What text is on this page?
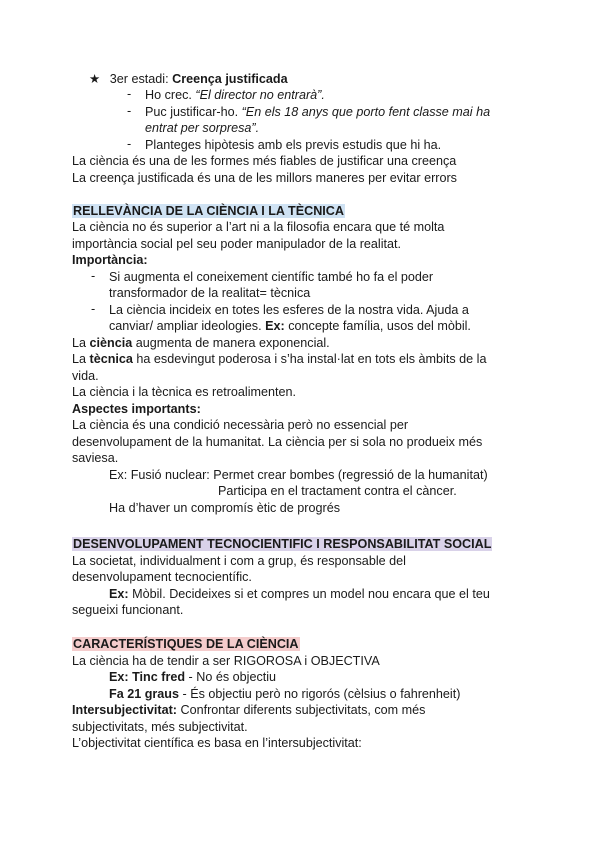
★ 3er estadi: Creença justificada
- Ho crec. “El director no entrarà”.
- Puc justificar-ho. “En els 18 anys que porto fent classe mai ha
entrat per sorpresa”.
- Planteges hipòtesis amb els previs estudis que hi ha.
La ciència és una de les formes més fiables de justificar una creença
La creença justificada és una de les millors maneres per evitar errors
RELLEVÀNCIA DE LA CIÈNCIA I LA TÈCNICA
La ciència no és superior a l’art ni a la filosofia encara que té molta
importància social pel seu poder manipulador de la realitat.
Importància:
- Si augmenta el coneixement científic també ho fa el poder
transformador de la realitat= tècnica
- La ciència incideix en totes les esferes de la nostra vida. Ajuda a
canviar/ ampliar ideologies. Ex: concepte família, usos del mòbil.
La ciència augmenta de manera exponencial.
La tècnica ha esdevingut poderosa i s’ha instal·lat en tots els àmbits de la
vida.
La ciència i la tècnica es retroalimenten.
Aspectes importants:
La ciència és una condició necessària però no essencial per
desenvolupament de la humanitat. La ciència per si sola no produeix més
saviesa.
Ex: Fusió nuclear: Permet crear bombes (regressió de la humanitat)
Participa en el tractament contra el càncer.
Ha d’haver un compromís ètic de progrés
DESENVOLUPAMENT TECNOCIENTIFIC I RESPONSABILITAT SOCIAL
La societat, individualment i com a grup, és responsable del
desenvolupament tecnocientífic.
Ex: Mòbil. Decideixes si et compres un model nou encara que el teu
segueixi funcionant.
CARACTERÍSTIQUES DE LA CIÈNCIA
La ciència ha de tendir a ser RIGOROSA i OBJECTIVA
Ex: Tinc fred - No és objectiu
Fa 21 graus - És objectiu però no rigorós (cèlsius o fahrenheit)
Intersubjectivitat: Confrontar diferents subjectivitats, com més
subjectivitats, més subjectivitat.
L’objectivitat científica es basa en l’intersubjectivitat:
